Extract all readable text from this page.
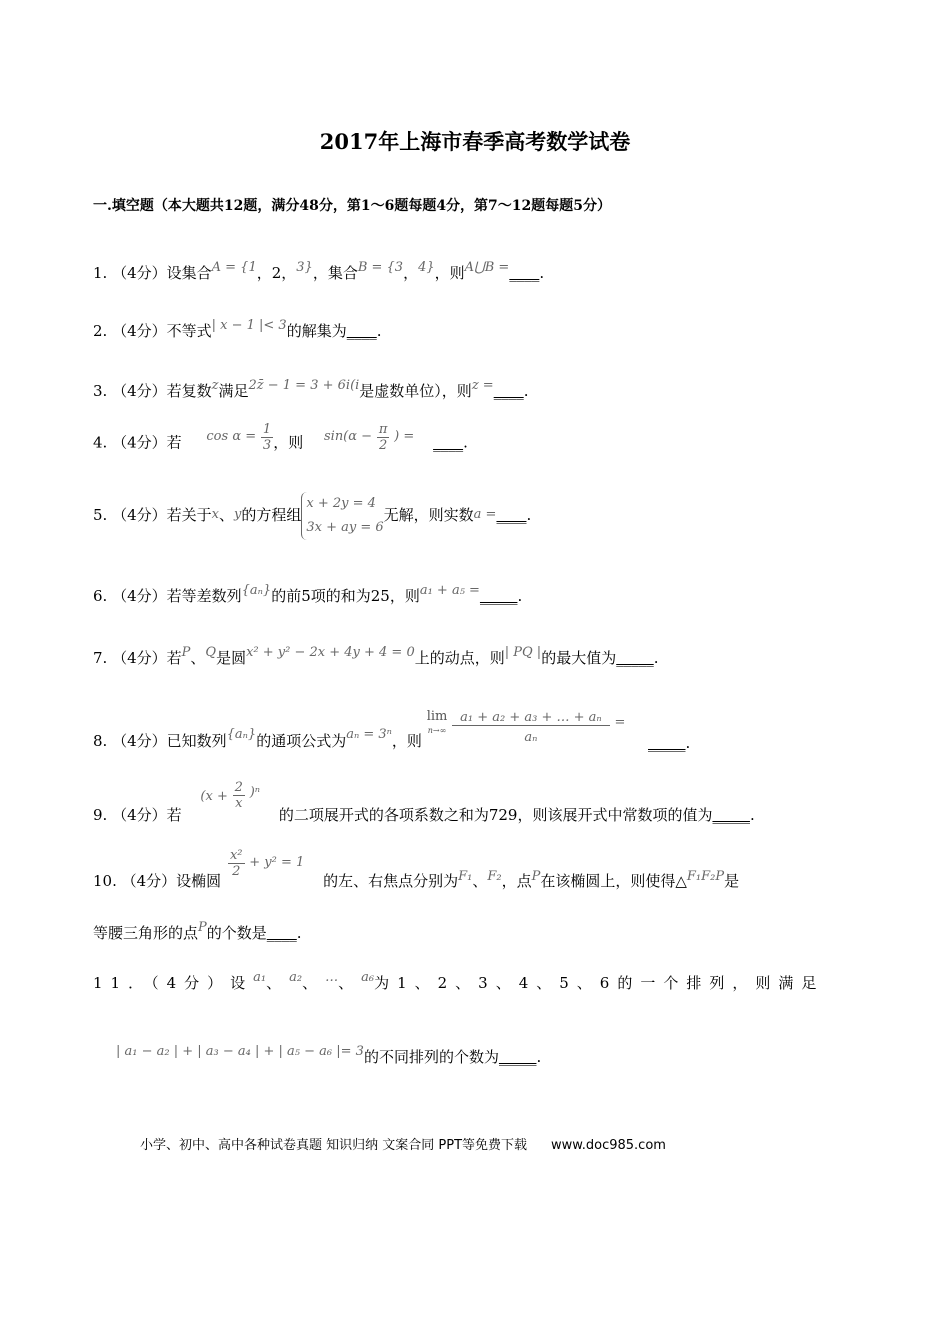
2017年上海市春季高考数学试卷
一.填空题（本大题共12题，满分48分，第1～6题每题4分，第7～12题每题5分）
1. （4分）设集合A = {1，2，3}，集合B = {3，4}，则A⋃B =____.
2. （4分）不等式| x − 1 |< 3的解集为____.
3. （4分）若复数z满足2z̄ − 1 = 3 + 6i(i是虚数单位），则z =____.
4. （4分）若 $\cos \alpha = \frac{1}{3}$ ，则 $\sin(\alpha - \frac{\pi}{2}$ ) = ____.
5. （4分）若关于x、y的方程组
x + 2y = 4
3x + ay = 6
无解，则实数a =____.
6. （4分）若等差数列{aₙ}的前5项的和为25，则a₁ + a₅ =_____.
7. （4分）若P、Q是圆x² + y² − 2x + 4y + 4 = 0上的动点，则| PQ |的最大值为_____.
8. （4分）已知数列{aₙ}的通项公式为aₙ = 3ⁿ，则
lim
n→∞
$\frac{\text{a₁ + a₂ + a₃ + … + aₙ}}{\text{aₙ}}$ =
_____.
9. （4分）若 $(x + \frac{2}{x} )^n$ 的二项展开式的各项系数之和为729，则该展开式中常数项的值为_____.
10. （4分）设椭圆
$\frac{\text{x²}}{2} + y^2 = 1$ 的左、右焦点分别为F₁、F₂，点P在该椭圆上，则使得△F₁F₂P是
等腰三角形的点P的个数是____.
11．（4分）设a₁、a₂、…、a₆为1、2、3、4、5、6的一个排列，则满足
| a₁ − a₂ | + | a₃ − a₄ | + | a₅ − a₆ |= 3的不同排列的个数为_____.
小学、初中、高中各种试卷真题 知识归纳 文案合同 PPT等免费下载 www.doc985.com
